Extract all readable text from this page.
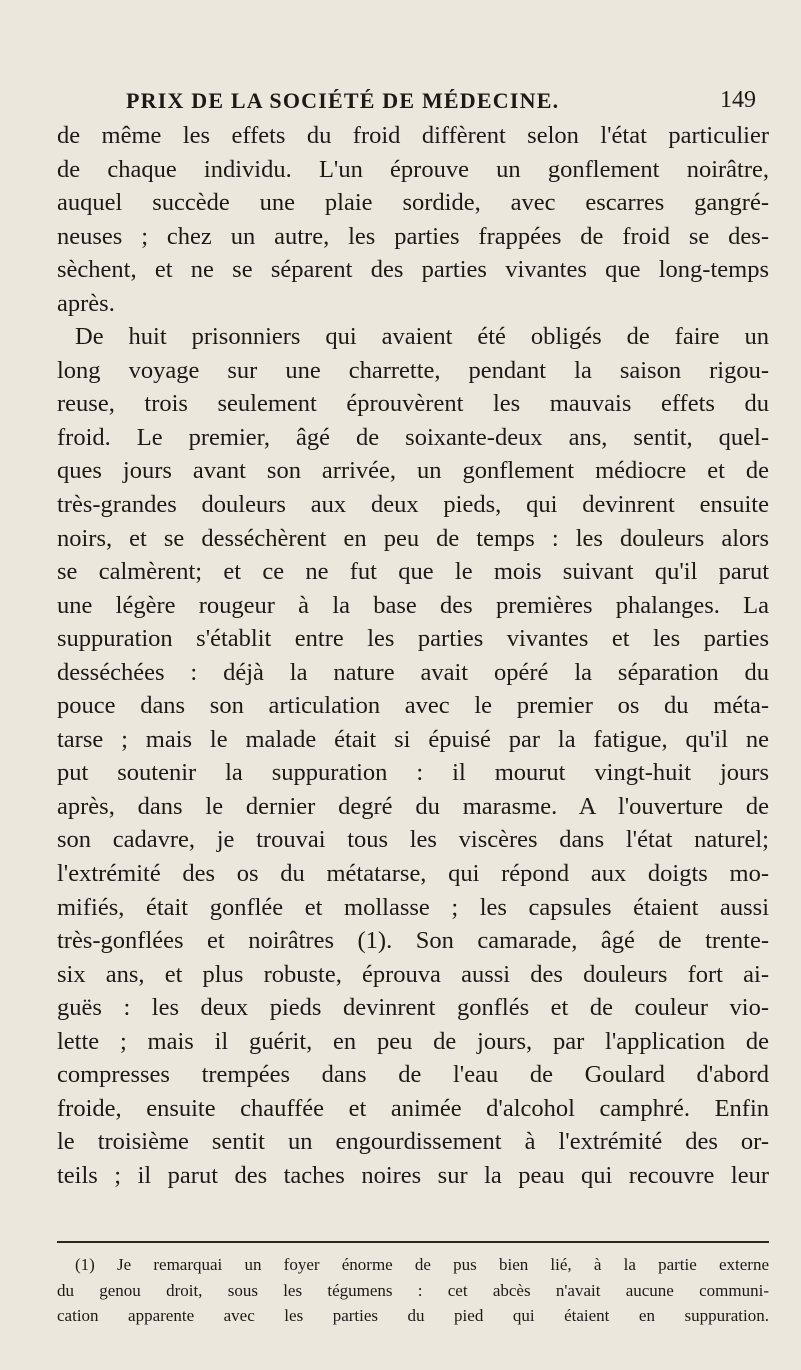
PRIX DE LA SOCIÉTÉ DE MÉDECINE.	149
de même les effets du froid diffèrent selon l'état particulier
de chaque individu. L'un éprouve un gonflement noirâtre,
auquel succède une plaie sordide, avec escarres gangré-
neuses ; chez un autre, les parties frappées de froid se des-
sèchent, et ne se séparent des parties vivantes que long-temps
après.
De huit prisonniers qui avaient été obligés de faire un
long voyage sur une charrette, pendant la saison rigou-
reuse, trois seulement éprouvèrent les mauvais effets du
froid. Le premier, âgé de soixante-deux ans, sentit, quel-
ques jours avant son arrivée, un gonflement médiocre et de
très-grandes douleurs aux deux pieds, qui devinrent ensuite
noirs, et se desséchèrent en peu de temps : les douleurs alors
se calmèrent; et ce ne fut que le mois suivant qu'il parut
une légère rougeur à la base des premières phalanges. La
suppuration s'établit entre les parties vivantes et les parties
desséchées : déjà la nature avait opéré la séparation du
pouce dans son articulation avec le premier os du méta-
tarse ; mais le malade était si épuisé par la fatigue, qu'il ne
put soutenir la suppuration : il mourut vingt-huit jours
après, dans le dernier degré du marasme. A l'ouverture de
son cadavre, je trouvai tous les viscères dans l'état naturel;
l'extrémité des os du métatarse, qui répond aux doigts mo-
mifiés, était gonflée et mollasse ; les capsules étaient aussi
très-gonflées et noirâtres (1). Son camarade, âgé de trente-
six ans, et plus robuste, éprouva aussi des douleurs fort ai-
guës : les deux pieds devinrent gonflés et de couleur vio-
lette ; mais il guérit, en peu de jours, par l'application de
compresses trempées dans de l'eau de Goulard d'abord
froide, ensuite chauffée et animée d'alcohol camphré. Enfin
le troisième sentit un engourdissement à l'extrémité des or-
teils ; il parut des taches noires sur la peau qui recouvre leur
(1) Je remarquai un foyer énorme de pus bien lié, à la partie externe
du genou droit, sous les tégumens : cet abcès n'avait aucune communi-
cation apparente avec les parties du pied qui étaient en suppuration.
